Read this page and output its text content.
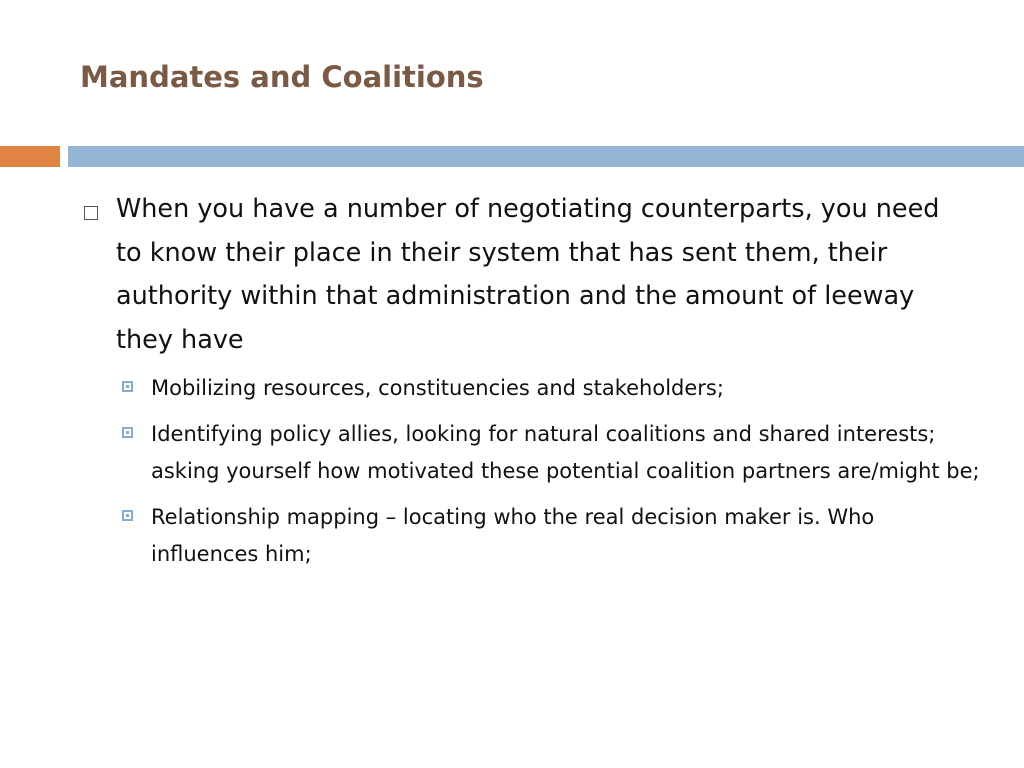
Mandates and Coalitions
When you have a number of negotiating counterparts, you need to know their place in their system that has sent them, their authority within that administration and the amount of leeway they have
Mobilizing resources, constituencies and stakeholders;
Identifying policy allies, looking for natural coalitions and shared interests; asking yourself how motivated these potential coalition partners are/might be;
Relationship mapping – locating who the real decision maker is. Who influences him;
